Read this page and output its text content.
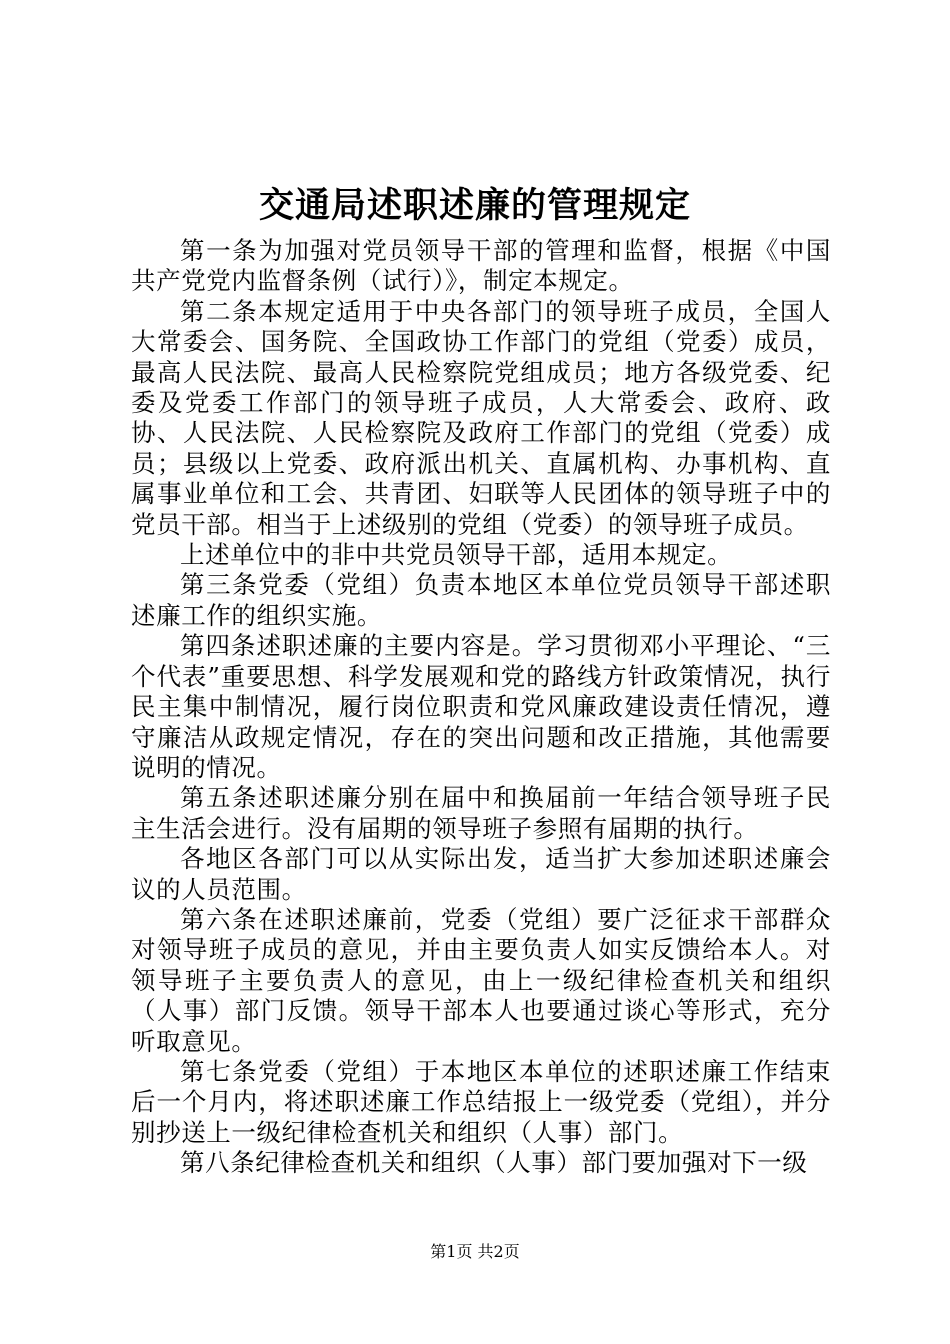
交通局述职述廉的管理规定

第一条为加强对党员领导干部的管理和监督，根据《中国共产党党内监督条例（试行）》，制定本规定。

第二条本规定适用于中央各部门的领导班子成员，全国人大常委会、国务院、全国政协工作部门的党组（党委）成员，最高人民法院、最高人民检察院党组成员；地方各级党委、纪委及党委工作部门的领导班子成员，人大常委会、政府、政协、人民法院、人民检察院及政府工作部门的党组（党委）成员；县级以上党委、政府派出机关、直属机构、办事机构、直属事业单位和工会、共青团、妇联等人民团体的领导班子中的党员干部。相当于上述级别的党组（党委）的领导班子成员。

上述单位中的非中共党员领导干部，适用本规定。

第三条党委（党组）负责本地区本单位党员领导干部述职述廉工作的组织实施。

第四条述职述廉的主要内容是。学习贯彻邓小平理论、“三个代表”重要思想、科学发展观和党的路线方针政策情况，执行民主集中制情况，履行岗位职责和党风廉政建设责任情况，遵守廉洁从政规定情况，存在的突出问题和改正措施，其他需要说明的情况。

第五条述职述廉分别在届中和换届前一年结合领导班子民主生活会进行。没有届期的领导班子参照有届期的执行。

各地区各部门可以从实际出发，适当扩大参加述职述廉会议的人员范围。

第六条在述职述廉前，党委（党组）要广泛征求干部群众对领导班子成员的意见，并由主要负责人如实反馈给本人。对领导班子主要负责人的意见，由上一级纪律检查机关和组织（人事）部门反馈。领导干部本人也要通过谈心等形式，充分听取意见。

第七条党委（党组）于本地区本单位的述职述廉工作结束后一个月内，将述职述廉工作总结报上一级党委（党组），并分别抄送上一级纪律检查机关和组织（人事）部门。

第八条纪律检查机关和组织（人事）部门要加强对下一级

第1页 共2页
